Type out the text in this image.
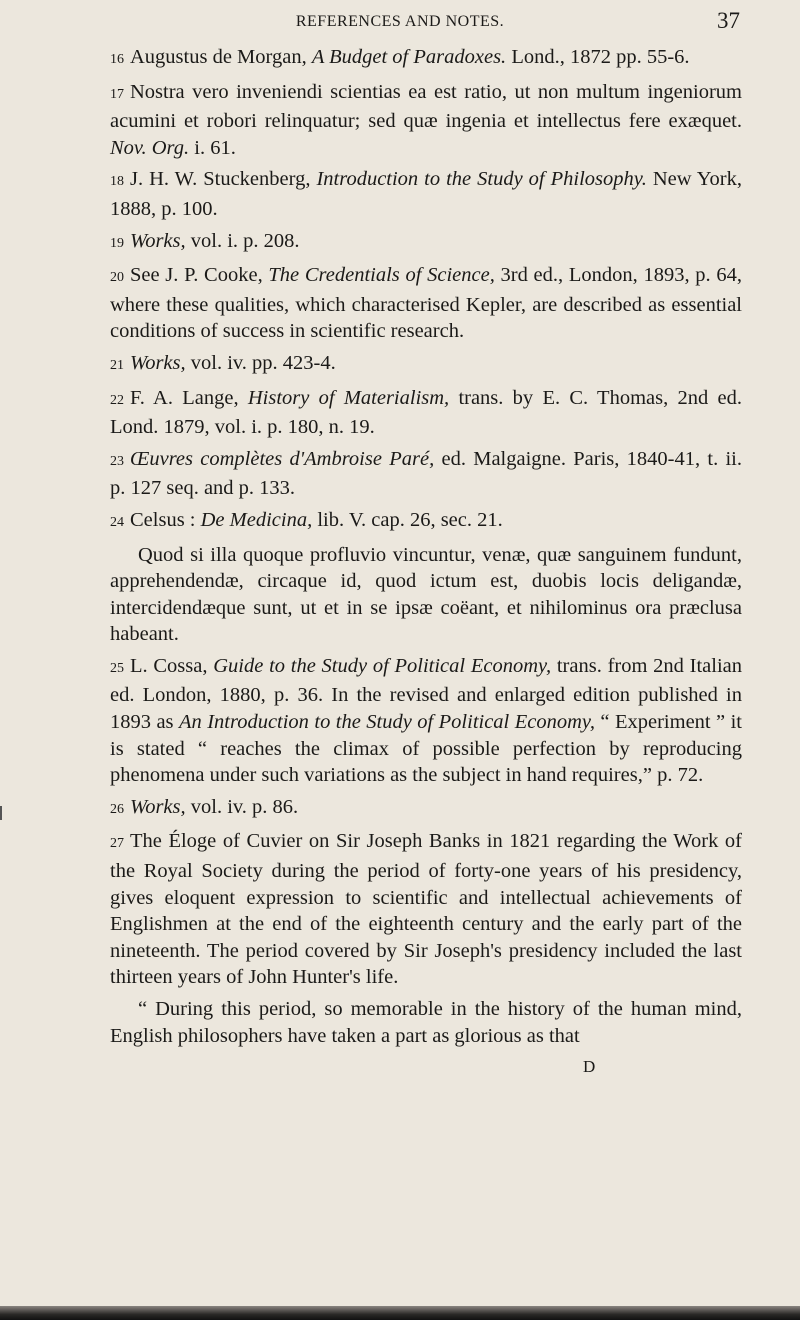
REFERENCES AND NOTES.	37

16 Augustus de Morgan, A Budget of Paradoxes. Lond., 1872 pp. 55-6.

17 Nostra vero inveniendi scientias ea est ratio, ut non multum ingeniorum acumini et robori relinquatur; sed quæ ingenia et intellectus fere exæquet. Nov. Org. i. 61.

18 J. H. W. Stuckenberg, Introduction to the Study of Philosophy. New York, 1888, p. 100.

19 Works, vol. i. p. 208.

20 See J. P. Cooke, The Credentials of Science, 3rd ed., London, 1893, p. 64, where these qualities, which characterised Kepler, are described as essential conditions of success in scientific research.

21 Works, vol. iv. pp. 423-4.

22 F. A. Lange, History of Materialism, trans. by E. C. Thomas, 2nd ed. Lond. 1879, vol. i. p. 180, n. 19.

23 Œuvres complètes d'Ambroise Paré, ed. Malgaigne. Paris, 1840-41, t. ii. p. 127 seq. and p. 133.

24 Celsus : De Medicina, lib. V. cap. 26, sec. 21.

Quod si illa quoque profluvio vincuntur, venæ, quæ sanguinem fundunt, apprehendendæ, circaque id, quod ictum est, duobis locis deligandæ, intercidendæque sunt, ut et in se ipsæ coëant, et nihilominus ora præclusa habeant.

25 L. Cossa, Guide to the Study of Political Economy, trans. from 2nd Italian ed. London, 1880, p. 36. In the revised and enlarged edition published in 1893 as An Introduction to the Study of Political Economy, “ Experiment ” it is stated “ reaches the climax of possible perfection by reproducing phenomena under such variations as the subject in hand requires,” p. 72.

26 Works, vol. iv. p. 86.

27 The Éloge of Cuvier on Sir Joseph Banks in 1821 regarding the Work of the Royal Society during the period of forty-one years of his presidency, gives eloquent expression to scientific and intellectual achievements of Englishmen at the end of the eighteenth century and the early part of the nineteenth. The period covered by Sir Joseph's presidency included the last thirteen years of John Hunter's life.

“ During this period, so memorable in the history of the human mind, English philosophers have taken a part as glorious as that

D
